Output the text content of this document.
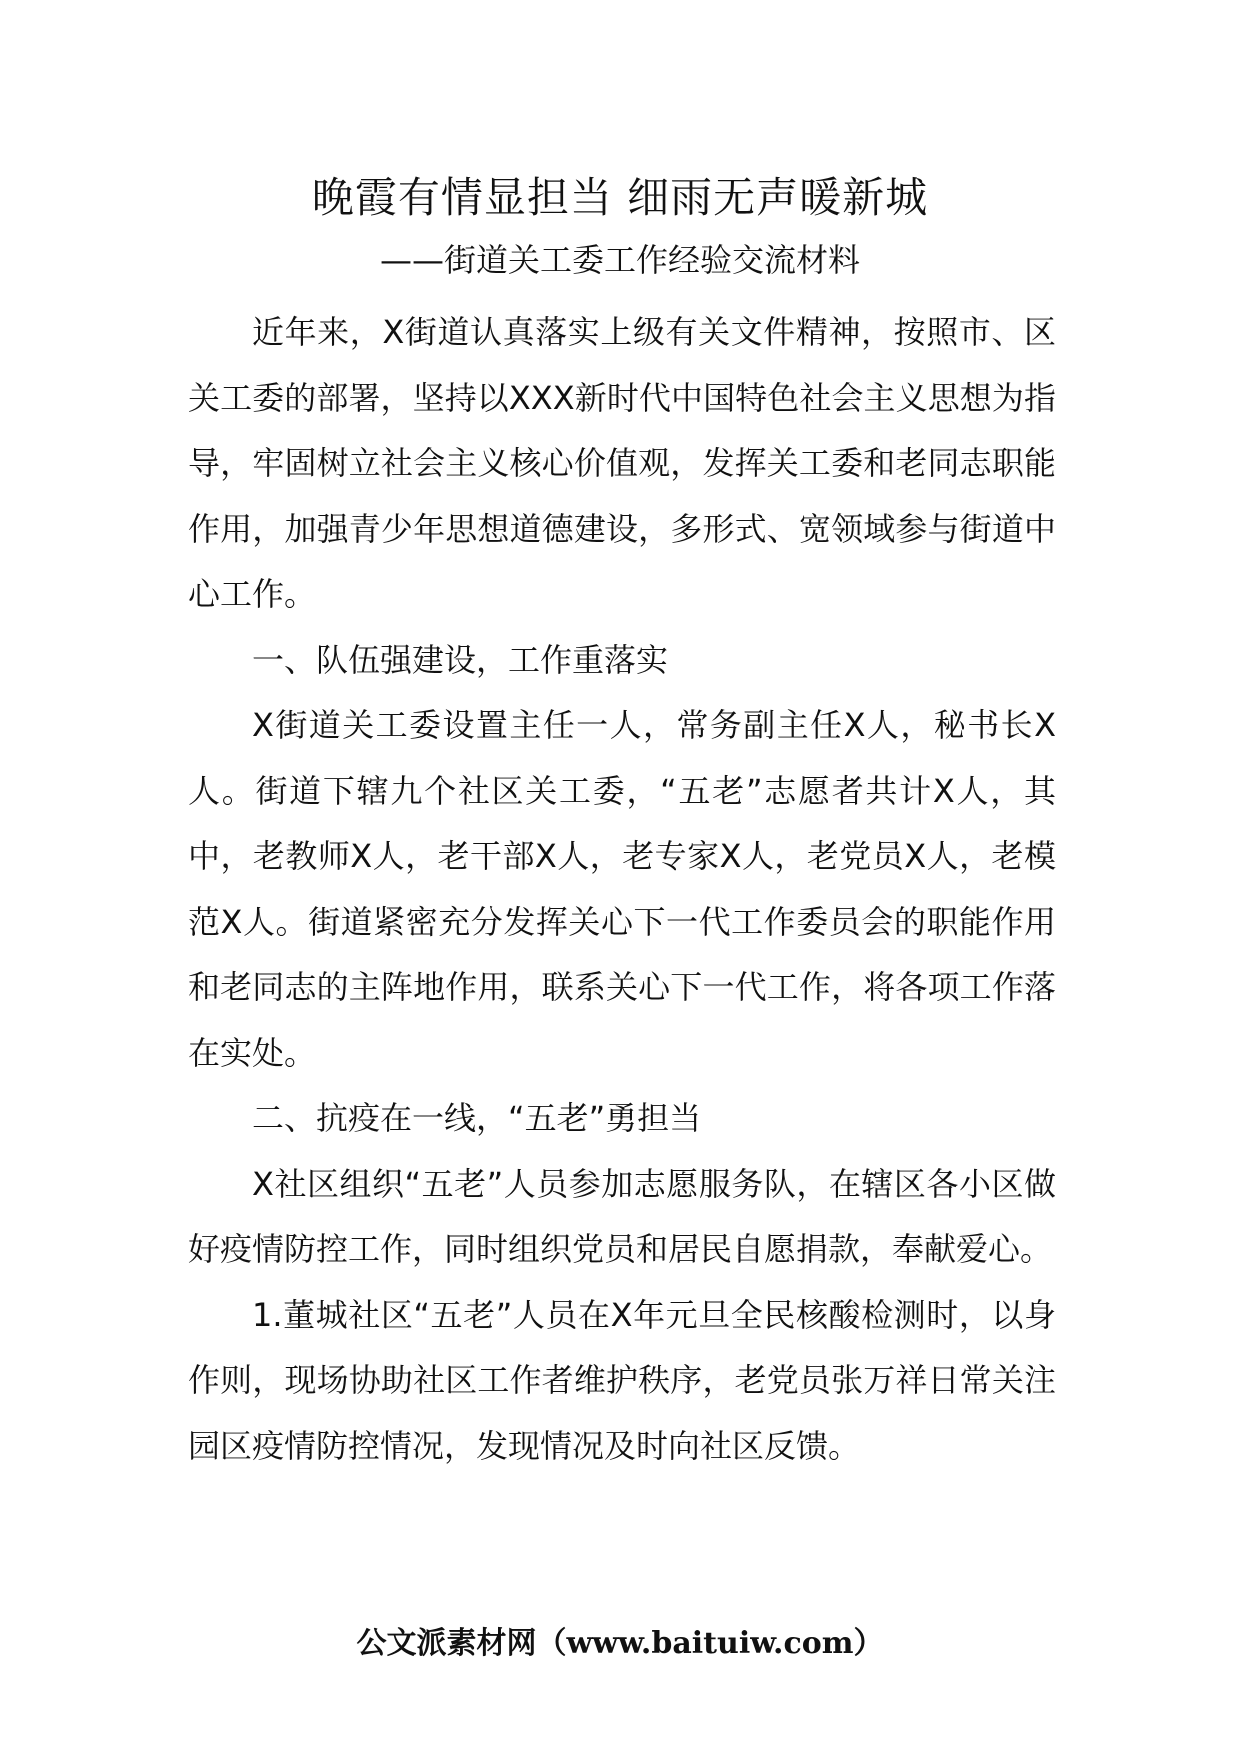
晚霞有情显担当 细雨无声暖新城
——街道关工委工作经验交流材料

近年来，X街道认真落实上级有关文件精神，按照市、区关工委的部署，坚持以XXX新时代中国特色社会主义思想为指导，牢固树立社会主义核心价值观，发挥关工委和老同志职能作用，加强青少年思想道德建设，多形式、宽领域参与街道中心工作。

一、队伍强建设，工作重落实

X街道关工委设置主任一人，常务副主任X人，秘书长X人。街道下辖九个社区关工委，“五老”志愿者共计X人，其中，老教师X人，老干部X人，老专家X人，老党员X人，老模范X人。街道紧密充分发挥关心下一代工作委员会的职能作用和老同志的主阵地作用，联系关心下一代工作，将各项工作落在实处。

二、抗疫在一线，“五老”勇担当

X社区组织“五老”人员参加志愿服务队，在辖区各小区做好疫情防控工作，同时组织党员和居民自愿捐款，奉献爱心。

1.董城社区“五老”人员在X年元旦全民核酸检测时，以身作则，现场协助社区工作者维护秩序，老党员张万祥日常关注园区疫情防控情况，发现情况及时向社区反馈。

公文派素材网（www.baituiw.com）
